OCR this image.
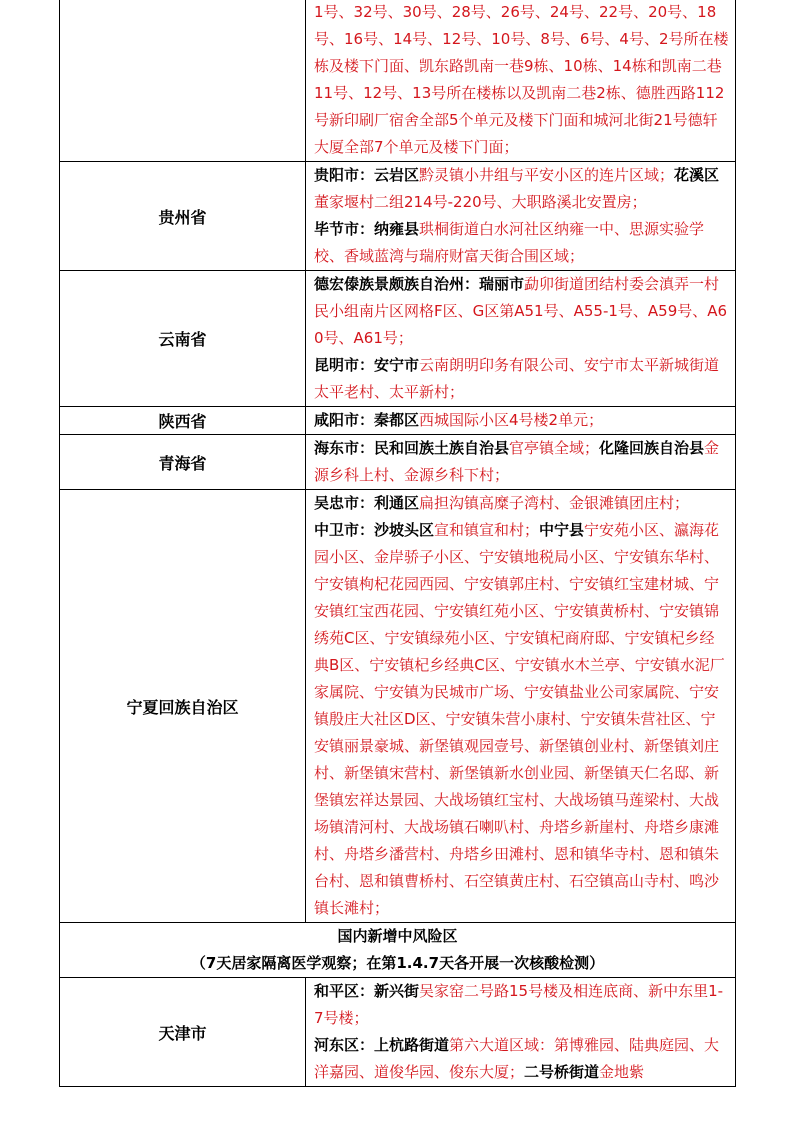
	1号、32号、30号、28号、26号、24号、22号、20号、18号、16号、14号、12号、10号、8号、6号、4号、2号所在楼栋及楼下门面、凯东路凯南一巷9栋、10栋、14栋和凯南二巷11号、12号、13号所在楼栋以及凯南二巷2栋、德胜西路112号新印刷厂宿舍全部5个单元及楼下门面和城河北街21号德轩大厦全部7个单元及楼下门面；
贵州省	贵阳市：云岩区黔灵镇小井组与平安小区的连片区域；花溪区董家堰村二组214号-220号、大职路溪北安置房；
毕节市：纳雍县珙桐街道白水河社区纳雍一中、思源实验学校、香域蓝湾与瑞府财富天街合围区域；
云南省	德宏傣族景颇族自治州：瑞丽市勐卯街道团结村委会滇弄一村民小组南片区网格F区、G区第A51号、A55-1号、A59号、A60号、A61号；
昆明市：安宁市云南朗明印务有限公司、安宁市太平新城街道太平老村、太平新村；
陕西省	咸阳市：秦都区西城国际小区4号楼2单元；
青海省	海东市：民和回族土族自治县官亭镇全域；化隆回族自治县金源乡科上村、金源乡科下村；
宁夏回族自治区	吴忠市：利通区扁担沟镇高糜子湾村、金银滩镇团庄村；
中卫市：沙坡头区宣和镇宣和村；中宁县宁安苑小区、瀛海花园小区、金岸骄子小区、宁安镇地税局小区、宁安镇东华村、宁安镇枸杞花园西园、宁安镇郭庄村、宁安镇红宝建材城、宁安镇红宝西花园、宁安镇红苑小区、宁安镇黄桥村、宁安镇锦绣苑C区、宁安镇绿苑小区、宁安镇杞商府邸、宁安镇杞乡经典B区、宁安镇杞乡经典C区、宁安镇水木兰亭、宁安镇水泥厂家属院、宁安镇为民城市广场、宁安镇盐业公司家属院、宁安镇殷庄大社区D区、宁安镇朱营小康村、宁安镇朱营社区、宁安镇丽景豪城、新堡镇观园壹号、新堡镇创业村、新堡镇刘庄村、新堡镇宋营村、新堡镇新水创业园、新堡镇天仁名邸、新堡镇宏祥达景园、大战场镇红宝村、大战场镇马莲梁村、大战场镇清河村、大战场镇石喇叭村、舟塔乡新崖村、舟塔乡康滩村、舟塔乡潘营村、舟塔乡田滩村、恩和镇华寺村、恩和镇朱台村、恩和镇曹桥村、石空镇黄庄村、石空镇高山寺村、鸣沙镇长滩村；

国内新增中风险区
（7天居家隔离医学观察；在第1.4.7天各开展一次核酸检测）	

天津市	和平区：新兴街吴家窑二号路15号楼及相连底商、新中东里1-7号楼；
河东区：上杭路街道第六大道区域：第博雅园、陆典庭园、大洋嘉园、道俊华园、俊东大厦；二号桥街道金地紫
